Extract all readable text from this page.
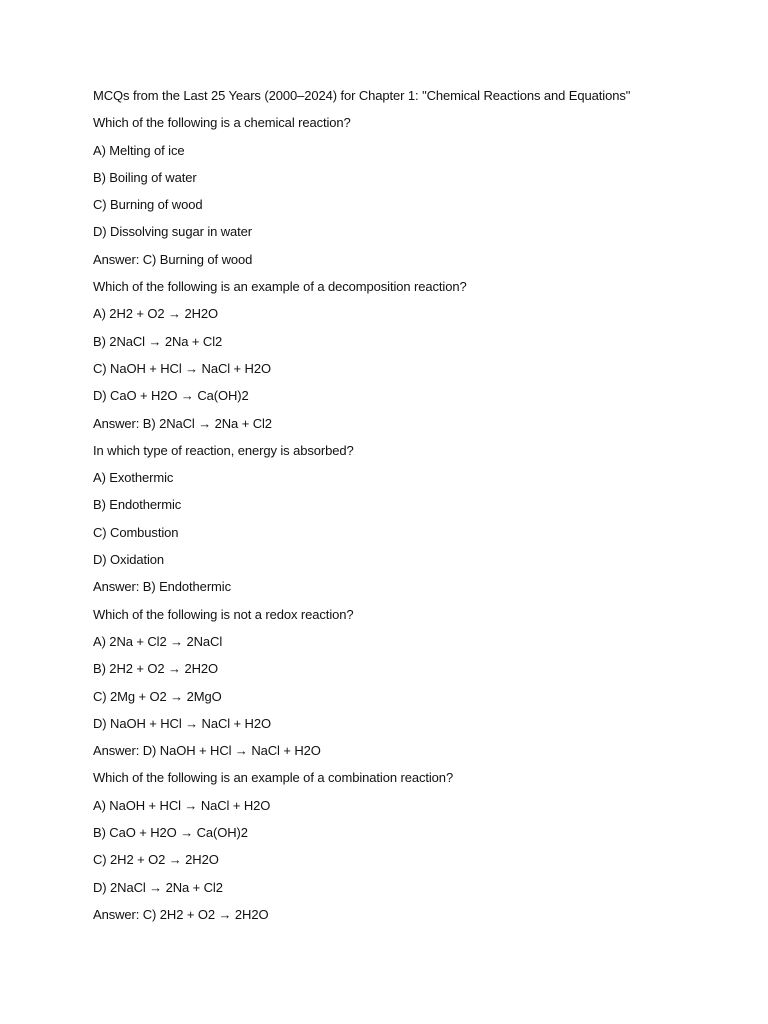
MCQs from the Last 25 Years (2000–2024) for Chapter 1: "Chemical Reactions and Equations"
Which of the following is a chemical reaction?
A) Melting of ice
B) Boiling of water
C) Burning of wood
D) Dissolving sugar in water
Answer: C) Burning of wood
Which of the following is an example of a decomposition reaction?
A) 2H2 + O2 → 2H2O
B) 2NaCl → 2Na + Cl2
C) NaOH + HCl → NaCl + H2O
D) CaO + H2O → Ca(OH)2
Answer: B) 2NaCl → 2Na + Cl2
In which type of reaction, energy is absorbed?
A) Exothermic
B) Endothermic
C) Combustion
D) Oxidation
Answer: B) Endothermic
Which of the following is not a redox reaction?
A) 2Na + Cl2 → 2NaCl
B) 2H2 + O2 → 2H2O
C) 2Mg + O2 → 2MgO
D) NaOH + HCl → NaCl + H2O
Answer: D) NaOH + HCl → NaCl + H2O
Which of the following is an example of a combination reaction?
A) NaOH + HCl → NaCl + H2O
B) CaO + H2O → Ca(OH)2
C) 2H2 + O2 → 2H2O
D) 2NaCl → 2Na + Cl2
Answer: C) 2H2 + O2 → 2H2O
